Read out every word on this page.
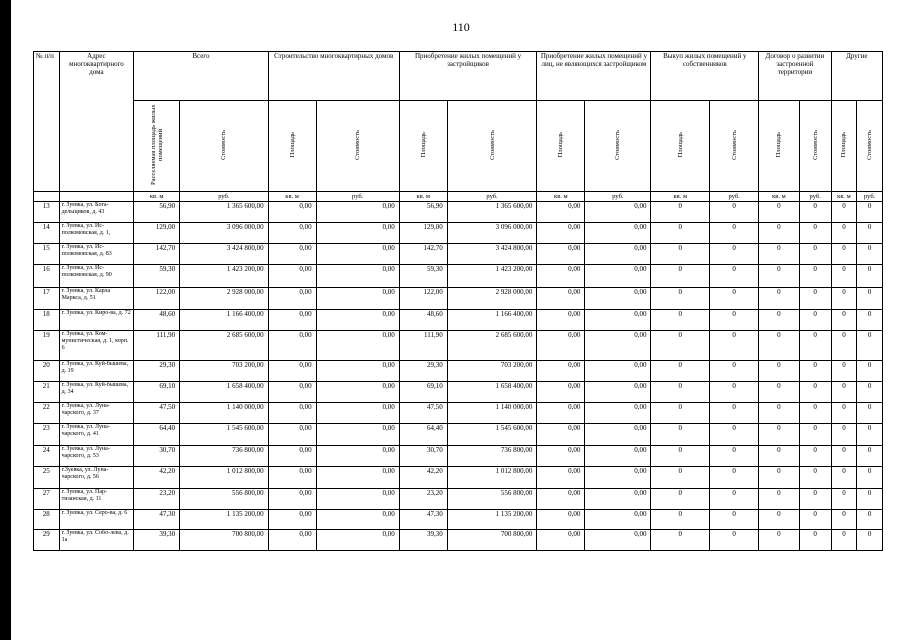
110
№ п/п	Адрес многоквартирного дома	Всего		Строительство многоквартирных домов		Приобретение жилых помещений у застройщиков		Приобретение жилых помещений у лиц, не являющихся застройщиком		Выкуп жилых помещений у собственников		Договор о развитии застроенной территории		Другие	
		Расселяемая площадь жилых помещений	Стоимость	Площадь	Стоимость	Площадь	Стоимость	Площадь	Стоимость	Площадь	Стоимость	Площадь	Стоимость	Площадь	Стоимость
		кв. м	руб.	кв. м	руб.	кв. м	руб.	кв. м	руб.	кв. м	руб.	кв. м	руб.	кв. м	руб.
13	г. Зуевка, ул. Бога-дельщиков, д. 43	56,90	1 365 600,00	0,00	0,00	56,90	1 365 600,00	0,00	0,00	0	0	0	0	0	0
14	г. Зуевка, ул. Ис-полкомовская, д. 1,	129,00	3 096 000,00	0,00	0,00	129,00	3 096 000,00	0,00	0,00	0	0	0	0	0	0
15	г. Зуевка, ул. Ис-полкомовская, д. 83	142,70	3 424 800,00	0,00	0,00	142,70	3 424 800,00	0,00	0,00	0	0	0	0	0	0
16	г. Зуевка, ул. Ис-полкомовская, д. 90	59,30	1 423 200,00	0,00	0,00	59,30	1 423 200,00	0,00	0,00	0	0	0	0	0	0
17	г. Зуевка, ул. Карла Маркса, д. 51	122,00	2 928 000,00	0,00	0,00	122,00	2 928 000,00	0,00	0,00	0	0	0	0	0	0
18	г. Зуевка, ул. Киро-ва, д. 72	48,60	1 166 400,00	0,00	0,00	48,60	1 166 400,00	0,00	0,00	0	0	0	0	0	0
19	г. Зуевка, ул. Ком-мунистическая, д. 1, корп. 6	111,90	2 685 600,00	0,00	0,00	111,90	2 685 600,00	0,00	0,00	0	0	0	0	0	0
20	г. Зуевка, ул. Куй-бышева, д. 19	29,30	703 200,00	0,00	0,00	29,30	703 200,00	0,00	0,00	0	0	0	0	0	0
21	г. Зуевка, ул. Куй-бышева, д. 34	69,10	1 658 400,00	0,00	0,00	69,10	1 658 400,00	0,00	0,00	0	0	0	0	0	0
22	г. Зуевка, ул. Луна-чарского, д. 37	47,50	1 140 000,00	0,00	0,00	47,50	1 140 000,00	0,00	0,00	0	0	0	0	0	0
23	г. Зуевка, ул. Луна-чарского, д. 41	64,40	1 545 600,00	0,00	0,00	64,40	1 545 600,00	0,00	0,00	0	0	0	0	0	0
24	г. Зуевка, ул. Луна-чарского, д. 53	30,70	736 800,00	0,00	0,00	30,70	736 800,00	0,00	0,00	0	0	0	0	0	0
25	г.Зуевка, ул. Луна-чарского, д. 56	42,20	1 012 800,00	0,00	0,00	42,20	1 012 800,00	0,00	0,00	0	0	0	0	0	0
27	г. Зуевка, ул. Пар-тизанская, д. 11	23,20	556 800,00	0,00	0,00	23,20	556 800,00	0,00	0,00	0	0	0	0	0	0
28	г. Зуевка, ул. Серо-ва, д. 6	47,30	1 135 200,00	0,00	0,00	47,30	1 135 200,00	0,00	0,00	0	0	0	0	0	0
29	г. Зуевка, ул. Собо-лева, д. 1а	39,30	700 800,00	0,00	0,00	39,30	700 800,00	0,00	0,00	0	0	0	0	0	0
